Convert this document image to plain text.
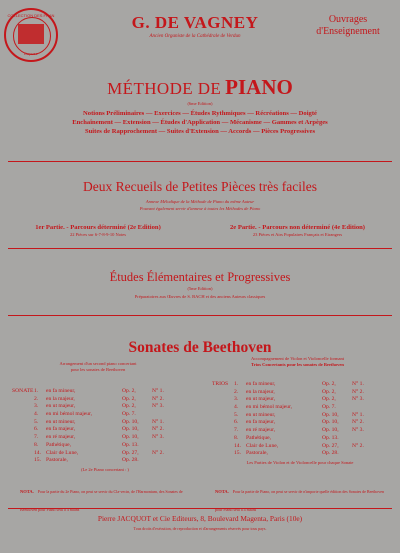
COLLECTION DES FRAN
Depose
G. DE VAGNEY
Ancien Organiste de la Cathédrale de Verdun
Ouvrages
d'Enseignement
MÉTHODE DE PIANO
(6me Edition)
Notions Préliminaires — Exercices — Études Rythmiques — Récréations — Doigté
Enchaînement — Extension — Études d'Application — Mécanisme — Gammes et Arpèges
Suites de Rapprochement — Suites d'Extension — Accords — Pièces Progressives
Deux Recueils de Petites Pièces très faciles
Annexe Mélodique de la Méthode de Piano du même Auteur
Pouvant également servir d'annexe à toutes les Méthodes de Piano
1er Partie. - Parcours déterminé (2e Edition)
22 Pièces sur 6-7-8-9-10 Notes
2e Partie. - Parcours non déterminé (4e Edition)
23 Pièces et Airs Populaires Français et Etrangers
Études Élémentaires et Progressives
(5me Edition)
Préparatoires aux Œuvres de S. BACH et des anciens Auteurs classiques
Sonates de Beethoven
Arrangement d'un second piano concertant
pour les sonates de Beethoven
Accompagnement de Violon et Violoncelle formant
Trios Concertants pour les sonates de Beethoven
SONATE 1. en fa mineur,	Op. 2,	N° 1.
2. en la majeur,	Op. 2,	N° 2.
3. en ut majeur,	Op. 2,	N° 3.
4. en mi bémol majeur,	Op. 7.
5. en ut mineur,	Op. 10, N° 1.
6. en fa majeur,	Op. 10, N° 2.
7. en ré majeur,	Op. 10, N° 3.
8. Pathétique,	Op. 13.
14. Clair de Lune,	Op. 27, N° 2.
15. Pastorale,	Op. 28.
(Le 2e Piano concertant : )
TRIOS 1. en fa mineur,	Op. 2,	N° 1.
2. en la majeur,	Op. 2,	N° 2.
3. en ut majeur,	Op. 2,	N° 3.
4. en mi bémol majeur,	Op. 7.
5. en ut mineur,	Op. 10, N° 1.
6. en fa majeur,	Op. 10, N° 2.
7. en ré majeur,	Op. 10, N° 3.
8. Pathétique,	Op. 13.
14. Clair de Lune,	Op. 27, N° 2.
15. Pastorale,	Op. 28.
Les Parties de Violon et de Violoncelle pour chaque Sonate
NOTA. Pour la partie du 2e Piano, on peut se servir du Cla-vecin, de l'Harmonium, des Sonates de Beethoven pour Piano seul à 4 mains
NOTA. Pour la partie de Piano, on peut se servir de n'importe quelle édition des Sonates de Beethoven pour Piano seul à 4 mains
Pierre JACQUOT et Cie Editeurs, 8, Boulevard Magenta, Paris (10e)
Tous droits d'exécution, de reproduction et d'arrangements réservés pour tous pays.
